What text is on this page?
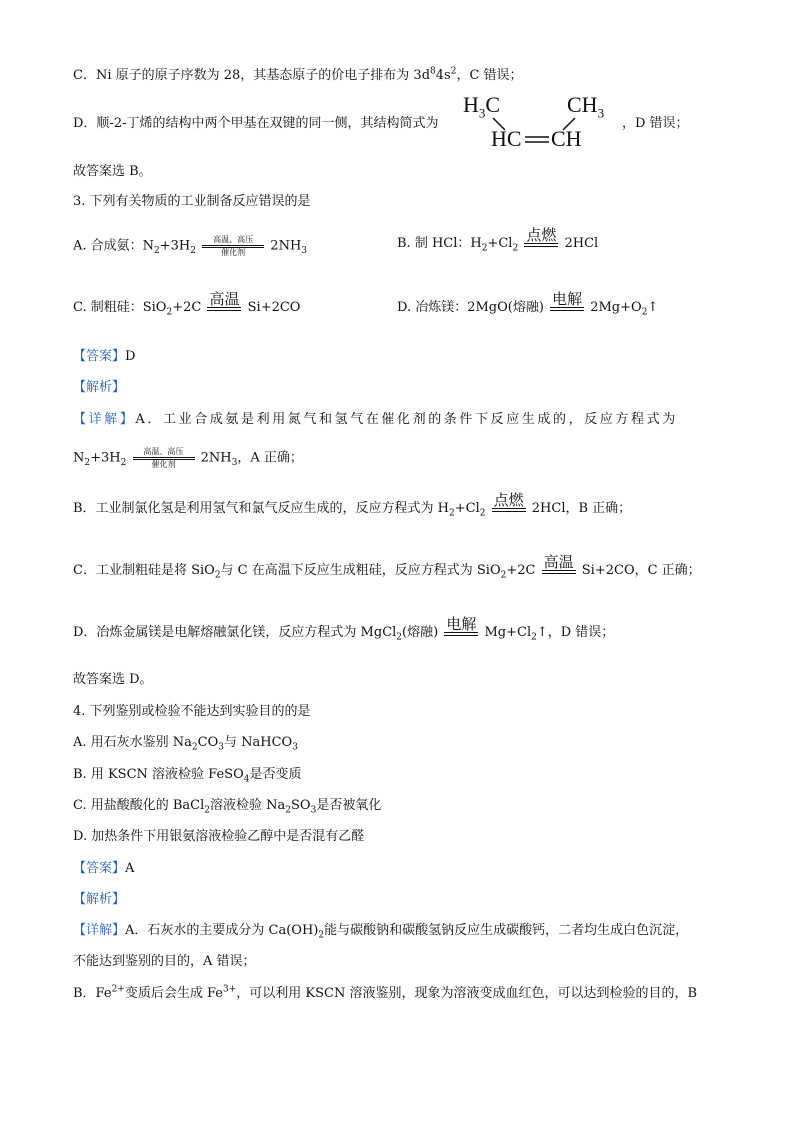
C．Ni 原子的原子序数为 28，其基态原子的价电子排布为 $3d^84s^2$，C 错误；
D．顺-2-丁烯的结构中两个甲基在双键的同一侧，其结构简式为
$H_3C$	$CH_3$
HC CH
，D 错误；
故答案选 B。
3. 下列有关物质的工业制备反应错误的是
A. 合成氨：$N_2+3H_2$
高温、高压
催化剂	$2NH_3$
B. 制 HCl：$H_2+Cl_2$
点燃 2HCl
C. 制粗硅：SiO$_2$+2C 高温 Si+2CO	D. 冶炼镁：2MgO(熔融) 电解 $2Mg+O_2↑$
【答案】D
【解析】
【详解】A．工业合成氨是利用氮气和氢气在催化剂的条件下反应生成的，反应方程式为
$N_2+3H_2$
高温、高压
催化剂	$2NH_3$，A 正确；
B．工业制氯化氢是利用氢气和氯气反应生成的，反应方程式为 $H_2+Cl_2$
点燃 2HCl，B 正确；
C．工业制粗硅是将 SiO$_2$与 C 在高温下反应生成粗硅，反应方程式为 SiO$_2$+2C 高温 Si+2CO，C 正确；
D．冶炼金属镁是电解熔融氯化镁，反应方程式为 MgCl$_2$(熔融) 电解 $Mg+Cl_2↑$，D 错误；
故答案选 D。
4. 下列鉴别或检验不能达到实验目的的是
A. 用石灰水鉴别 $Na_2CO_3$与 NaHCO$_3$
B. 用 KSCN 溶液检验 FeSO$_4$是否变质
C. 用盐酸酸化的 BaCl$_2$溶液检验 $Na_2SO_3$是否被氧化
D. 加热条件下用银氨溶液检验乙醇中是否混有乙醛
【答案】A
【解析】
【详解】A．石灰水的主要成分为 $Ca(OH)_2$能与碳酸钠和碳酸氢钠反应生成碳酸钙，二者均生成白色沉淀，
不能达到鉴别的目的，A 错误；
B．$Fe^{2+}$变质后会生成 $Fe^{3+}$，可以利用 KSCN 溶液鉴别，现象为溶液变成血红色，可以达到检验的目的，B
